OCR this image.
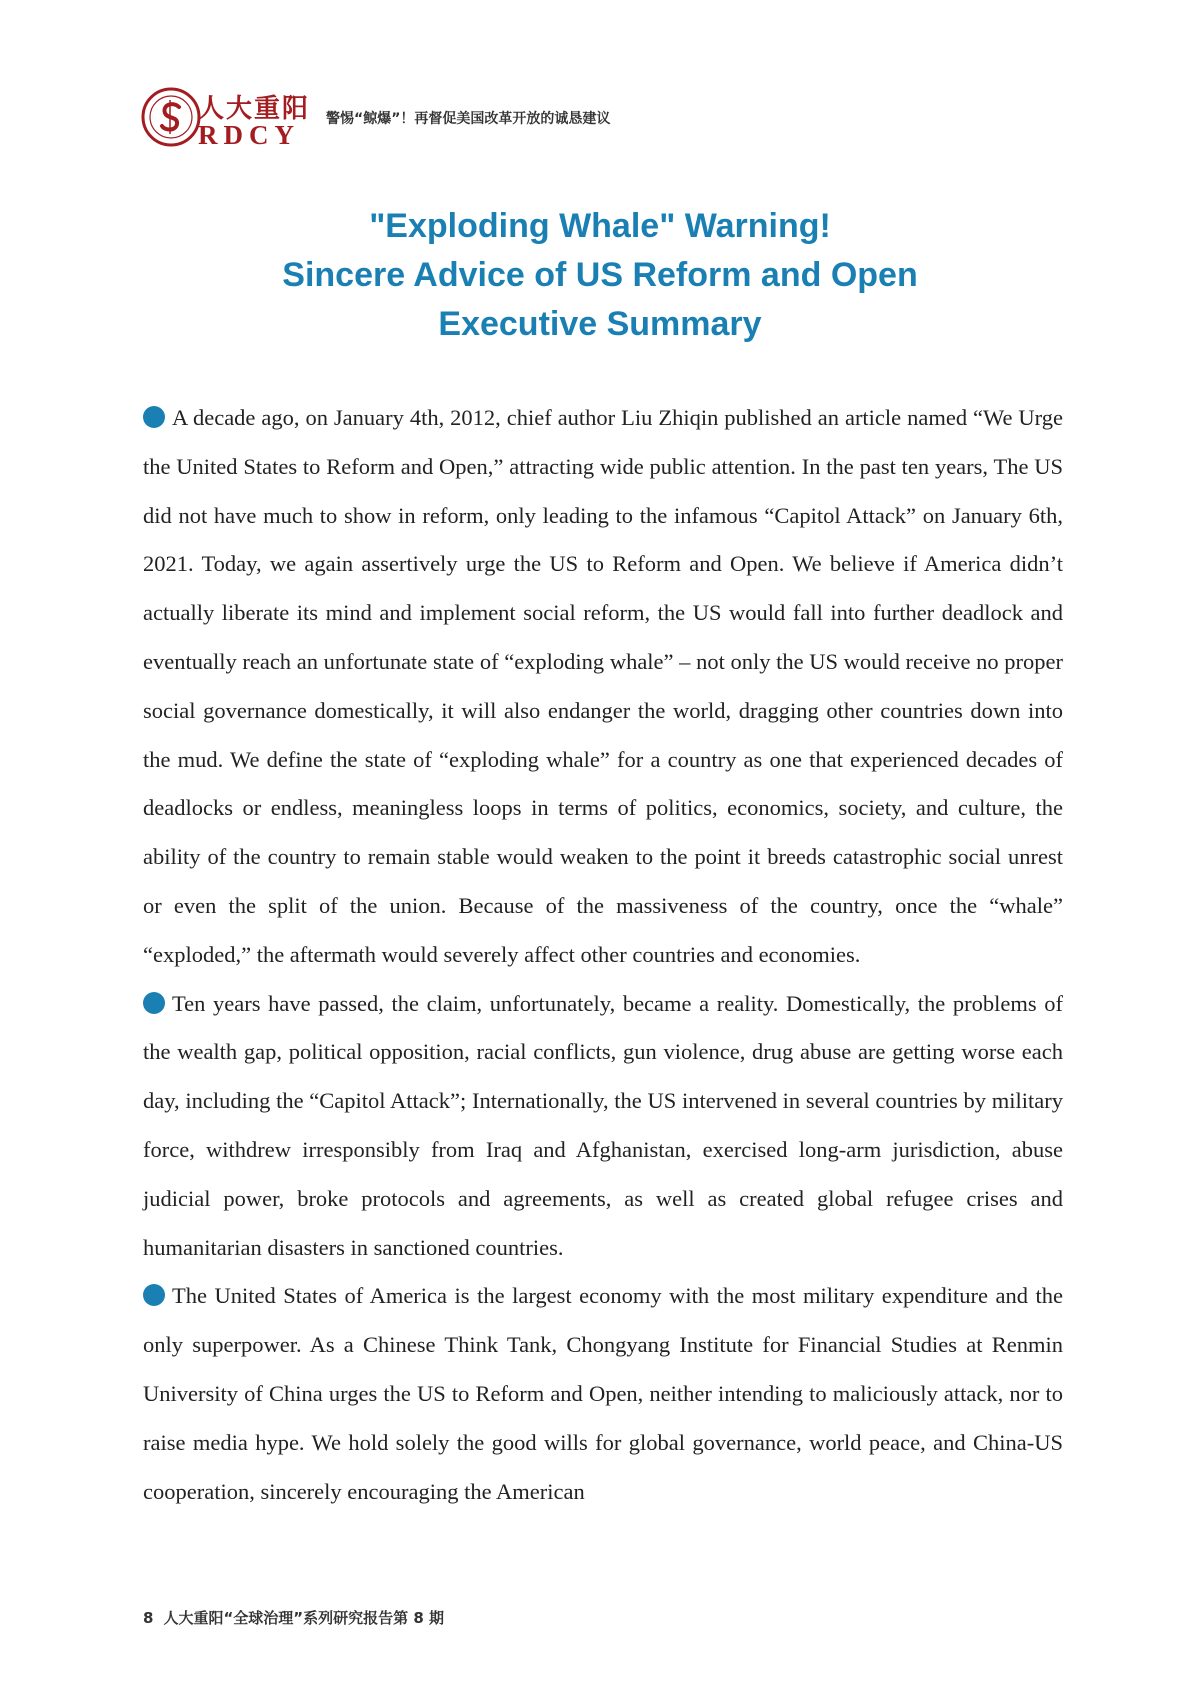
人大重阳
RDCY
警惕“鲸爆”！再督促美国改革开放的诚恳建议
"Exploding Whale" Warning!
Sincere Advice of US Reform and Open
Executive Summary

A decade ago, on January 4th, 2012, chief author Liu Zhiqin published an article named “We Urge the United States to Reform and Open,” attracting wide public attention. In the past ten years, The US did not have much to show in reform, only leading to the infamous “Capitol Attack” on January 6th, 2021. Today, we again assertively urge the US to Reform and Open. We believe if America didn’t actually liberate its mind and implement social reform, the US would fall into further deadlock and eventually reach an unfortunate state of “exploding whale” – not only the US would receive no proper social governance domestically, it will also endanger the world, dragging other countries down into the mud. We define the state of “exploding whale” for a country as one that experienced decades of deadlocks or endless, meaningless loops in terms of politics, economics, society, and culture, the ability of the country to remain stable would weaken to the point it breeds catastrophic social unrest or even the split of the union. Because of the massiveness of the country, once the “whale” “exploded,” the aftermath would severely affect other countries and economies.

Ten years have passed, the claim, unfortunately, became a reality. Domestically, the problems of the wealth gap, political opposition, racial conflicts, gun violence, drug abuse are getting worse each day, including the “Capitol Attack”; Internationally, the US intervened in several countries by military force, withdrew irresponsibly from Iraq and Afghanistan, exercised long-arm jurisdiction, abuse judicial power, broke protocols and agreements, as well as created global refugee crises and humanitarian disasters in sanctioned countries.

The United States of America is the largest economy with the most military expenditure and the only superpower. As a Chinese Think Tank, Chongyang Institute for Financial Studies at Renmin University of China urges the US to Reform and Open, neither intending to maliciously attack, nor to raise media hype. We hold solely the good wills for global governance, world peace, and China-US cooperation, sincerely encouraging the American

8 人大重阳“全球治理”系列研究报告第 8 期
